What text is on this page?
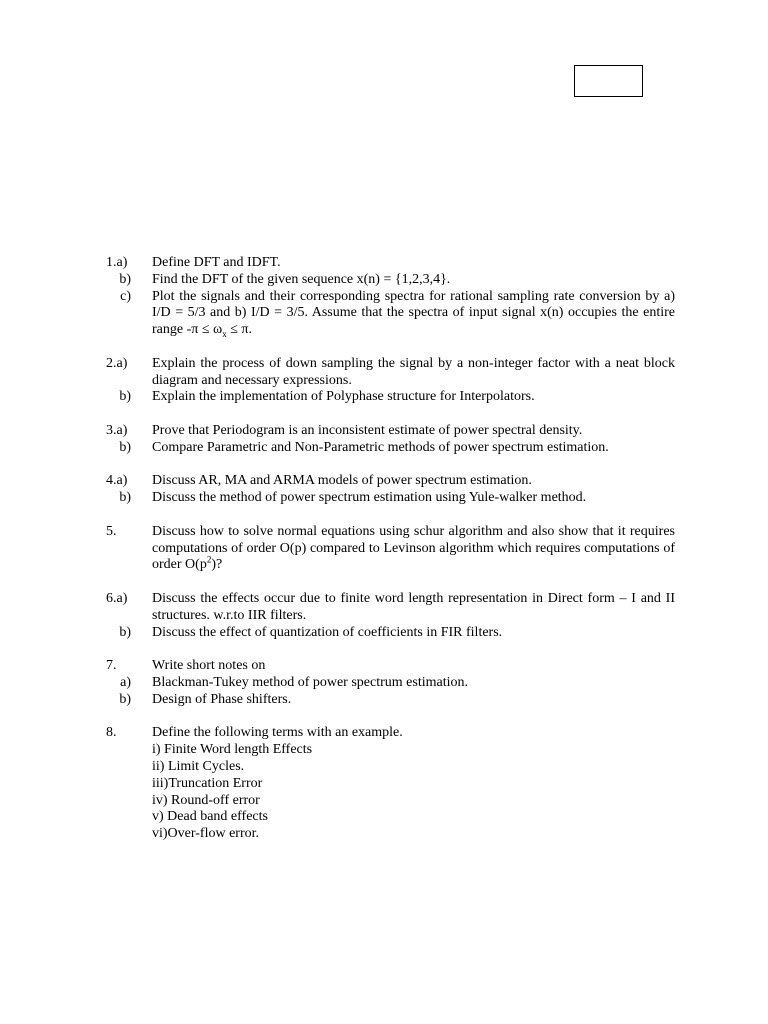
1.a) Define DFT and IDFT.
b) Find the DFT of the given sequence x(n) = {1,2,3,4}.
c) Plot the signals and their corresponding spectra for rational sampling rate conversion by a) I/D = 5/3 and b) I/D = 3/5. Assume that the spectra of input signal x(n) occupies the entire range $-\pi \le \omega_x \le \pi$.
2.a) Explain the process of down sampling the signal by a non-integer factor with a neat block diagram and necessary expressions.
b) Explain the implementation of Polyphase structure for Interpolators.
3.a) Prove that Periodogram is an inconsistent estimate of power spectral density.
b) Compare Parametric and Non-Parametric methods of power spectrum estimation.
4.a) Discuss AR, MA and ARMA models of power spectrum estimation.
b) Discuss the method of power spectrum estimation using Yule-walker method.
5.	Discuss how to solve normal equations using schur algorithm and also show that it requires computations of order O(p) compared to Levinson algorithm which requires computations of order $O(p^2)$?
6.a) Discuss the effects occur due to finite word length representation in Direct form – I and II structures. w.r.to IIR filters.
b) Discuss the effect of quantization of coefficients in FIR filters.
7.	Write short notes on
a) Blackman-Tukey method of power spectrum estimation.
b) Design of Phase shifters.
8.	Define the following terms with an example.
i) Finite Word length Effects
ii) Limit Cycles.
iii)Truncation Error
iv) Round-off error
v) Dead band effects
vi)Over-flow error.
